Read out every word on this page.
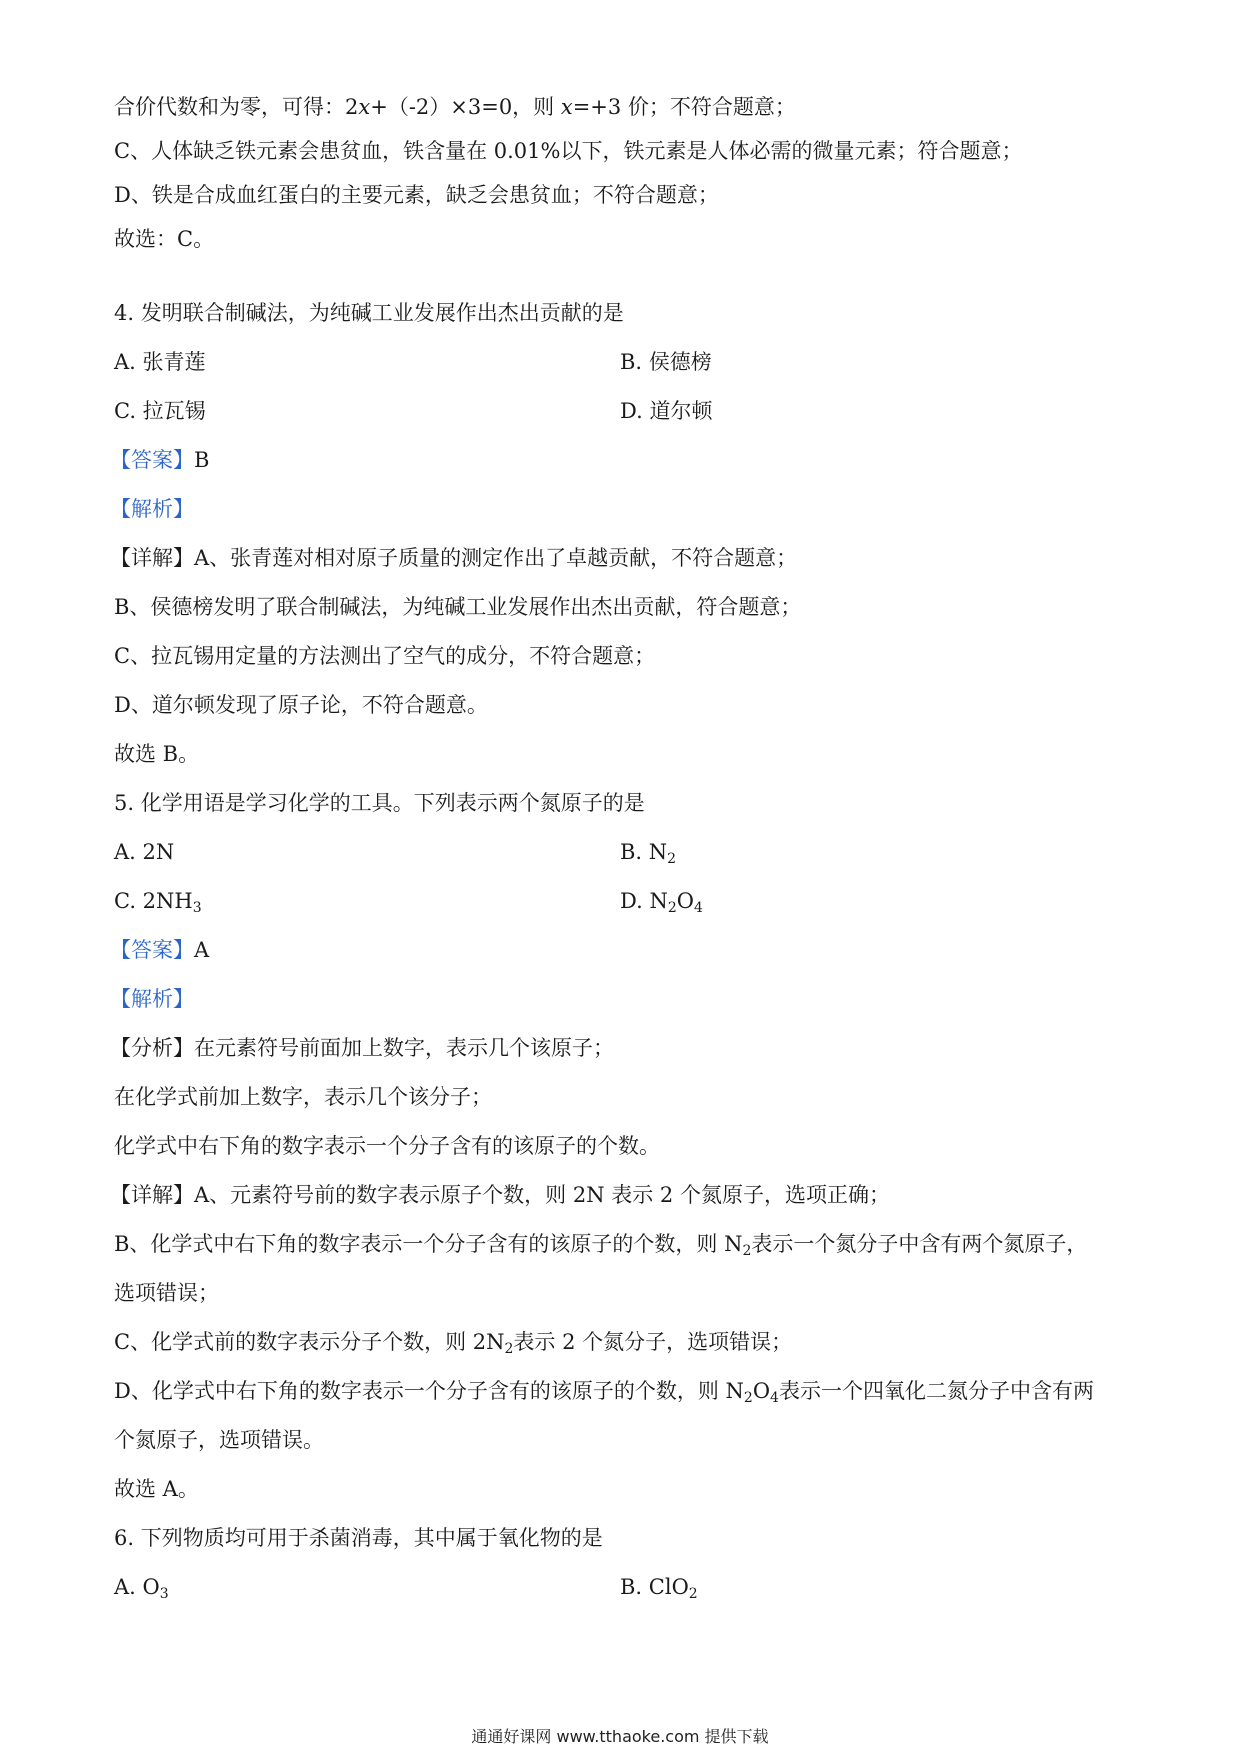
合价代数和为零，可得：2x+（-2）×3=0，则 x=+3 价；不符合题意；
C、人体缺乏铁元素会患贫血，铁含量在 0.01%以下，铁元素是人体必需的微量元素；符合题意；
D、铁是合成血红蛋白的主要元素，缺乏会患贫血；不符合题意；
故选：C。
4. 发明联合制碱法，为纯碱工业发展作出杰出贡献的是
A. 张青莲	B. 侯德榜
C. 拉瓦锡	D. 道尔顿
【答案】B
【解析】
【详解】A、张青莲对相对原子质量的测定作出了卓越贡献，不符合题意；
B、侯德榜发明了联合制碱法，为纯碱工业发展作出杰出贡献，符合题意；
C、拉瓦锡用定量的方法测出了空气的成分，不符合题意；
D、道尔顿发现了原子论，不符合题意。
故选 B。
5. 化学用语是学习化学的工具。下列表示两个氮原子的是
A. 2N	B. $N_2$
C. $2NH_3$	D. $N_2O_4$
【答案】A
【解析】
【分析】在元素符号前面加上数字，表示几个该原子；
在化学式前加上数字，表示几个该分子；
化学式中右下角的数字表示一个分子含有的该原子的个数。
【详解】A、元素符号前的数字表示原子个数，则 2N 表示 2 个氮原子，选项正确；
B、化学式中右下角的数字表示一个分子含有的该原子的个数，则 $N_2$表示一个氮分子中含有两个氮原子，
选项错误；
C、化学式前的数字表示分子个数，则 $2N_2$表示 2 个氮分子，选项错误；
D、化学式中右下角的数字表示一个分子含有的该原子的个数，则 $N_2O_4$表示一个四氧化二氮分子中含有两
个氮原子，选项错误。
故选 A。
6. 下列物质均可用于杀菌消毒，其中属于氧化物的是
A. $O_3$	B. ClO$_2$
通通好课网 www.tthaoke.com 提供下载
